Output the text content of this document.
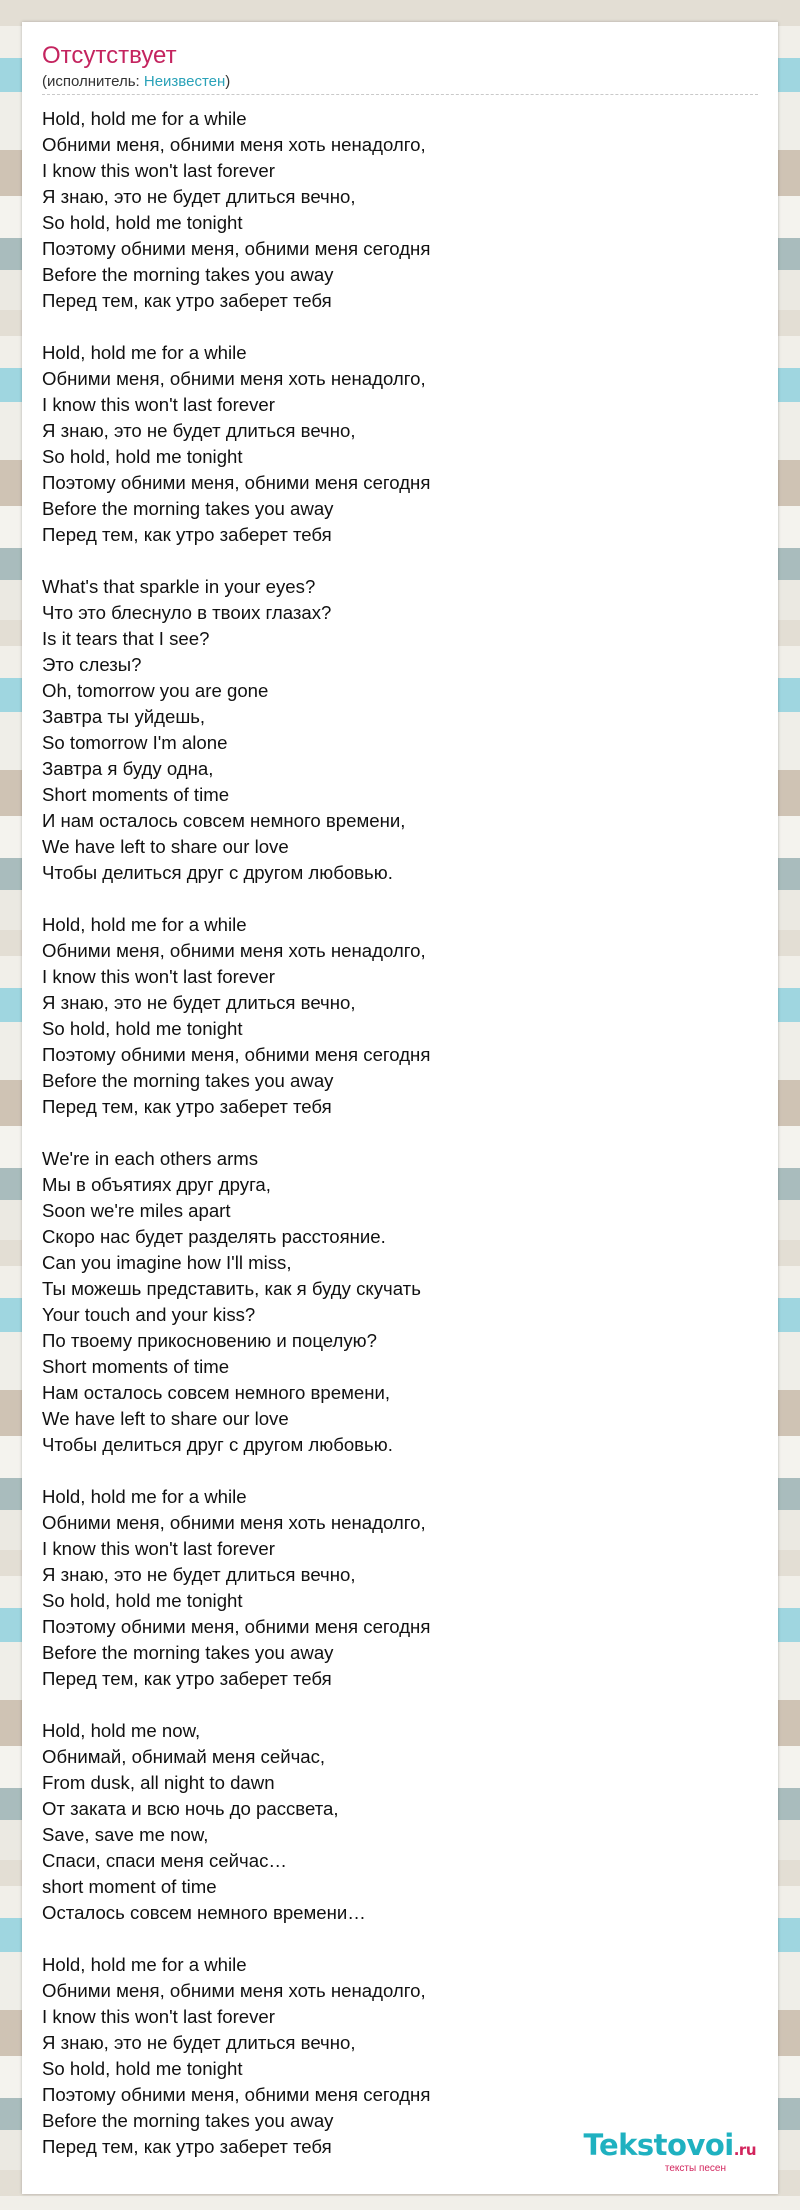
Отсутствует
(исполнитель: Неизвестен)
Hold, hold me for a while
Обними меня, обними меня хоть ненадолго,
I know this won't last forever
Я знаю, это не будет длиться вечно,
So hold, hold me tonight
Поэтому обними меня, обними меня сегодня
Before the morning takes you away
Перед тем, как утро заберет тебя
Hold, hold me for a while
Обними меня, обними меня хоть ненадолго,
I know this won't last forever
Я знаю, это не будет длиться вечно,
So hold, hold me tonight
Поэтому обними меня, обними меня сегодня
Before the morning takes you away
Перед тем, как утро заберет тебя
What's that sparkle in your eyes?
Что это блеснуло в твоих глазах?
Is it tears that I see?
Это слезы?
Oh, tomorrow you are gone
Завтра ты уйдешь,
So tomorrow I'm alone
Завтра я буду одна,
Short moments of time
И нам осталось совсем немного времени,
We have left to share our love
Чтобы делиться друг с другом любовью.
Hold, hold me for a while
Обними меня, обними меня хоть ненадолго,
I know this won't last forever
Я знаю, это не будет длиться вечно,
So hold, hold me tonight
Поэтому обними меня, обними меня сегодня
Before the morning takes you away
Перед тем, как утро заберет тебя
We're in each others arms
Мы в объятиях друг друга,
Soon we're miles apart
Скоро нас будет разделять расстояние.
Can you imagine how I'll miss,
Ты можешь представить, как я буду скучать
Your touch and your kiss?
По твоему прикосновению и поцелую?
Short moments of time
Нам осталось совсем немного времени,
We have left to share our love
Чтобы делиться друг с другом любовью.
Hold, hold me for a while
Обними меня, обними меня хоть ненадолго,
I know this won't last forever
Я знаю, это не будет длиться вечно,
So hold, hold me tonight
Поэтому обними меня, обними меня сегодня
Before the morning takes you away
Перед тем, как утро заберет тебя
Hold, hold me now,
Обнимай, обнимай меня сейчас,
From dusk, all night to dawn
От заката и всю ночь до рассвета,
Save, save me now,
Спаси, спаси меня сейчас…
short moment of time
Осталось совсем немного времени…
Hold, hold me for a while
Обними меня, обними меня хоть ненадолго,
I know this won't last forever
Я знаю, это не будет длиться вечно,
So hold, hold me tonight
Поэтому обними меня, обними меня сегодня
Before the morning takes you away
Перед тем, как утро заберет тебя	Tekstovoi.ru
тексты песен
